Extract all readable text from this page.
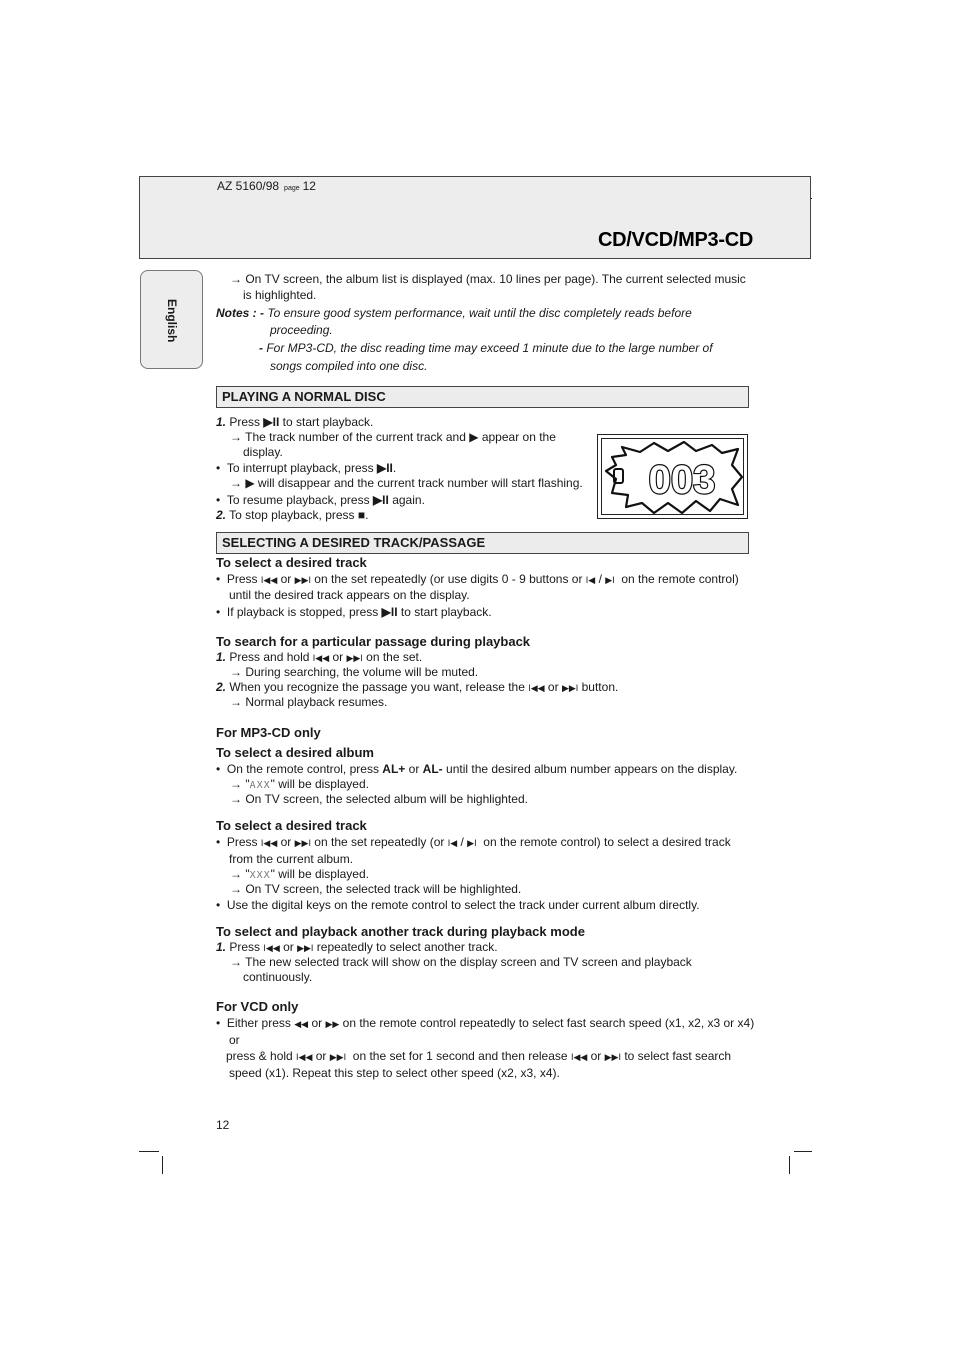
AZ 5160/98 page 12
CD/VCD/MP3-CD
English
→ On TV screen, the album list is displayed (max. 10 lines per page). The current selected music
is highlighted.
Notes : - To ensure good system performance, wait until the disc completely reads before
proceeding.
- For MP3-CD, the disc reading time may exceed 1 minute due to the large number of
songs compiled into one disc.
PLAYING A NORMAL DISC
1. Press ▶II to start playback.
→ The track number of the current track and ▶ appear on the
display.
• To interrupt playback, press ▶II.
→ ▶ will disappear and the current track number will start flashing.
• To resume playback, press ▶II again.
2. To stop playback, press ■.
003
SELECTING A DESIRED TRACK/PASSAGE
To select a desired track
• Press I◀◀ or ▶▶I on the set repeatedly (or use digits 0 - 9 buttons or I◀ / ▶I on the remote control)
until the desired track appears on the display.
• If playback is stopped, press ▶II to start playback.
To search for a particular passage during playback
1. Press and hold I◀◀ or ▶▶I on the set.
→ During searching, the volume will be muted.
2. When you recognize the passage you want, release the I◀◀ or ▶▶I button.
→ Normal playback resumes.
For MP3-CD only
To select a desired album
• On the remote control, press AL+ or AL- until the desired album number appears on the display.
→ "AXX" will be displayed.
→ On TV screen, the selected album will be highlighted.
To select a desired track
• Press I◀◀ or ▶▶I on the set repeatedly (or I◀ / ▶I on the remote control) to select a desired track
from the current album.
→ "XXX" will be displayed.
→ On TV screen, the selected track will be highlighted.
• Use the digital keys on the remote control to select the track under current album directly.
To select and playback another track during playback mode
1. Press I◀◀ or ▶▶I repeatedly to select another track.
→ The new selected track will show on the display screen and TV screen and playback
continuously.
For VCD only
• Either press ◀◀ or ▶▶ on the remote control repeatedly to select fast search speed (x1, x2, x3 or x4)
or
press & hold I◀◀ or ▶▶I on the set for 1 second and then release I◀◀ or ▶▶I to select fast search
speed (x1). Repeat this step to select other speed (x2, x3, x4).
12
